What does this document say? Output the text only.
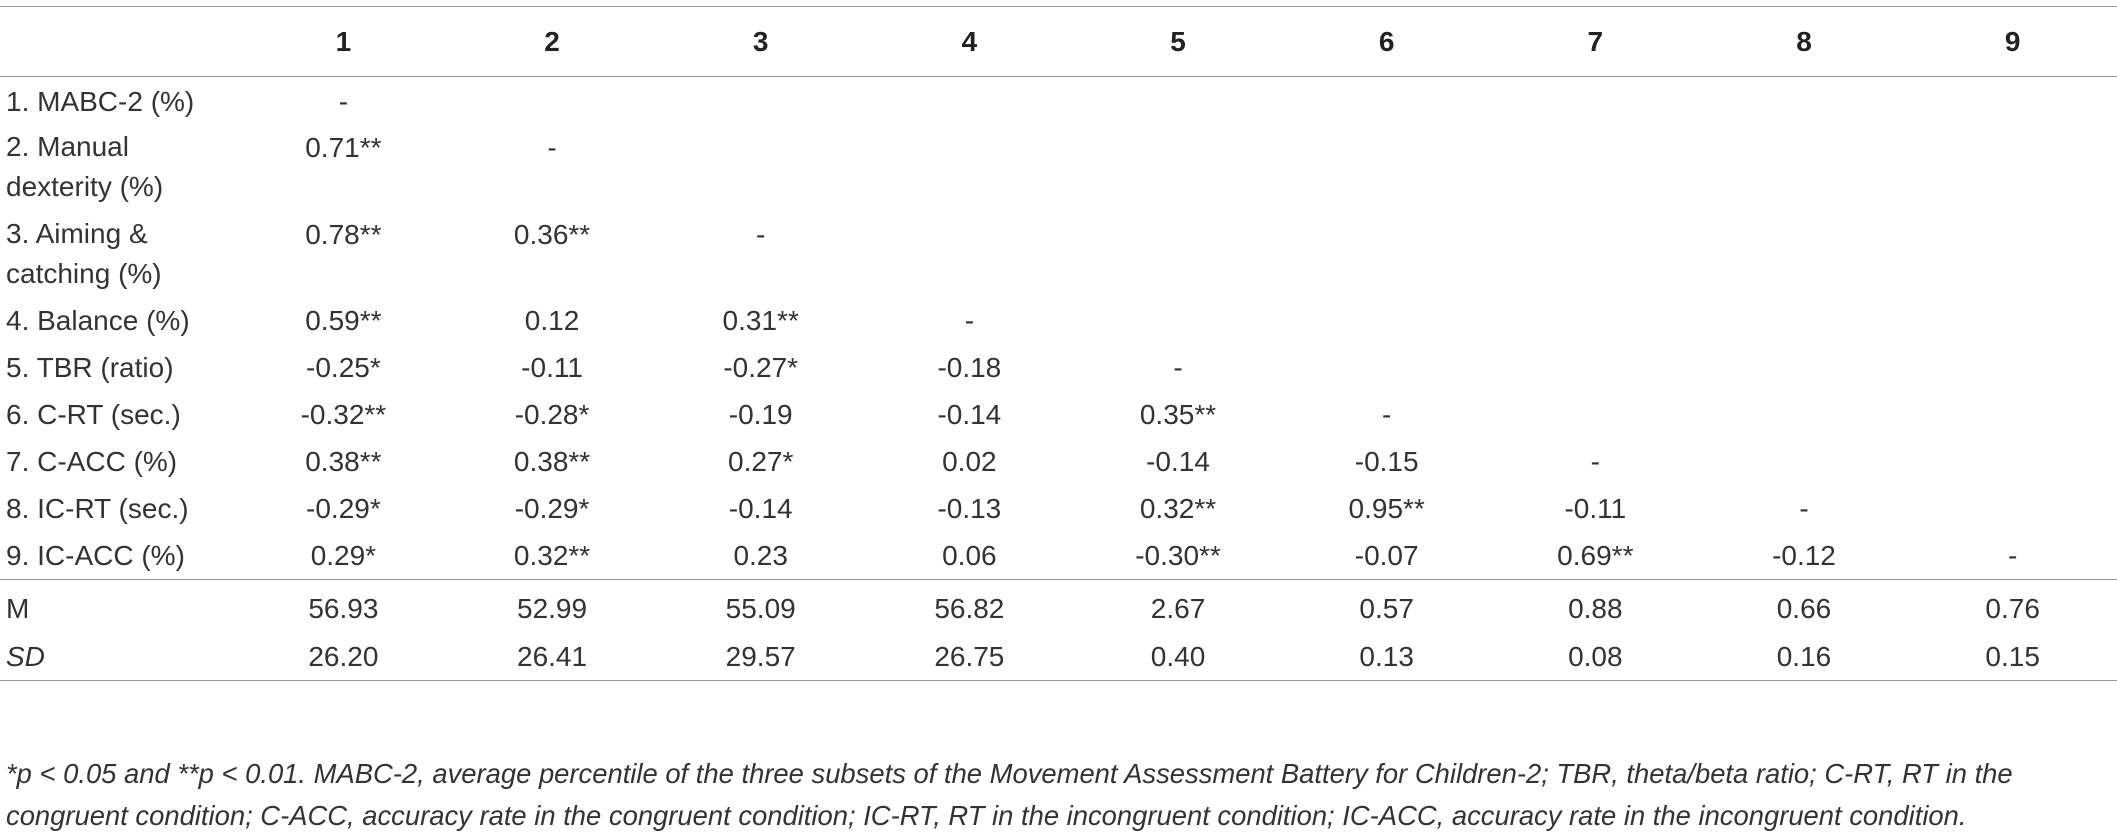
	1	2	3	4	5	6	7	8	9
1. MABC-2 (%)	-								
2. Manual dexterity (%)	0.71**	-							
3. Aiming & catching (%)	0.78**	0.36**	-						
4. Balance (%)	0.59**	0.12	0.31**	-					
5. TBR (ratio)	-0.25*	-0.11	-0.27*	-0.18	-				
6. C-RT (sec.)	-0.32**	-0.28*	-0.19	-0.14	0.35**	-			
7. C-ACC (%)	0.38**	0.38**	0.27*	0.02	-0.14	-0.15	-		
8. IC-RT (sec.)	-0.29*	-0.29*	-0.14	-0.13	0.32**	0.95**	-0.11	-	
9. IC-ACC (%)	0.29*	0.32**	0.23	0.06	-0.30**	-0.07	0.69**	-0.12	-
M	56.93	52.99	55.09	56.82	2.67	0.57	0.88	0.66	0.76
SD	26.20	26.41	29.57	26.75	0.40	0.13	0.08	0.16	0.15

*p < 0.05 and **p < 0.01. MABC-2, average percentile of the three subsets of the Movement Assessment Battery for Children-2; TBR, theta/beta ratio; C-RT, RT in the congruent condition; C-ACC, accuracy rate in the congruent condition; IC-RT, RT in the incongruent condition; IC-ACC, accuracy rate in the incongruent condition.
